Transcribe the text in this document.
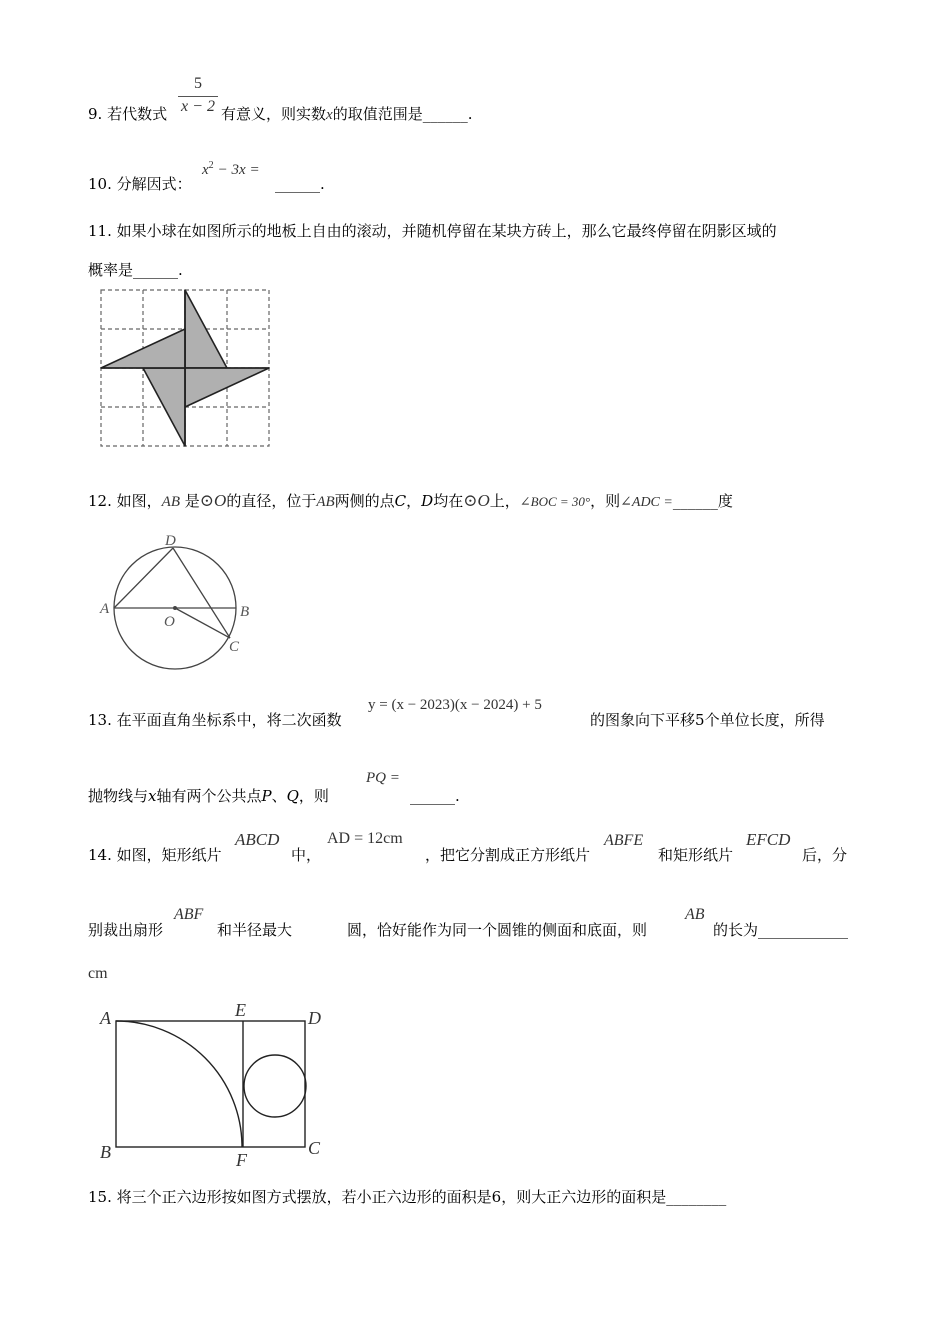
9. 若代数式
5
x − 2 有意义，则实数x的取值范围是______.
10. 分解因式：
$x^2 - 3x$ =
______.
11. 如果小球在如图所示的地板上自由的滚动，并随机停留在某块方砖上，那么它最终停留在阴影区域的
概率是______.
12. 如图，AB 是⊙O的直径，位于AB两侧的点C，D均在⊙O上，∠BOC = 30°，则∠ADC =______度
D
A	B
O
C
13. 在平面直角坐标系中，将二次函数
y = (x − 2023)(x − 2024) + 5
的图象向下平移5个单位长度，所得
抛物线与x轴有两个公共点P、Q，则
PQ =
______.
14. 如图，矩形纸片
ABCD
中，
AD = 12cm
，把它分割成正方形纸片
ABFE
和矩形纸片
EFCD
后，分
别裁出扇形
ABF
和半径最大	圆，恰好能作为同一个圆锥的侧面和底面，则
AB
的长为____________
cm
A	E	D
B	F
C
15. 将三个正六边形按如图方式摆放，若小正六边形的面积是6，则大正六边形的面积是________
